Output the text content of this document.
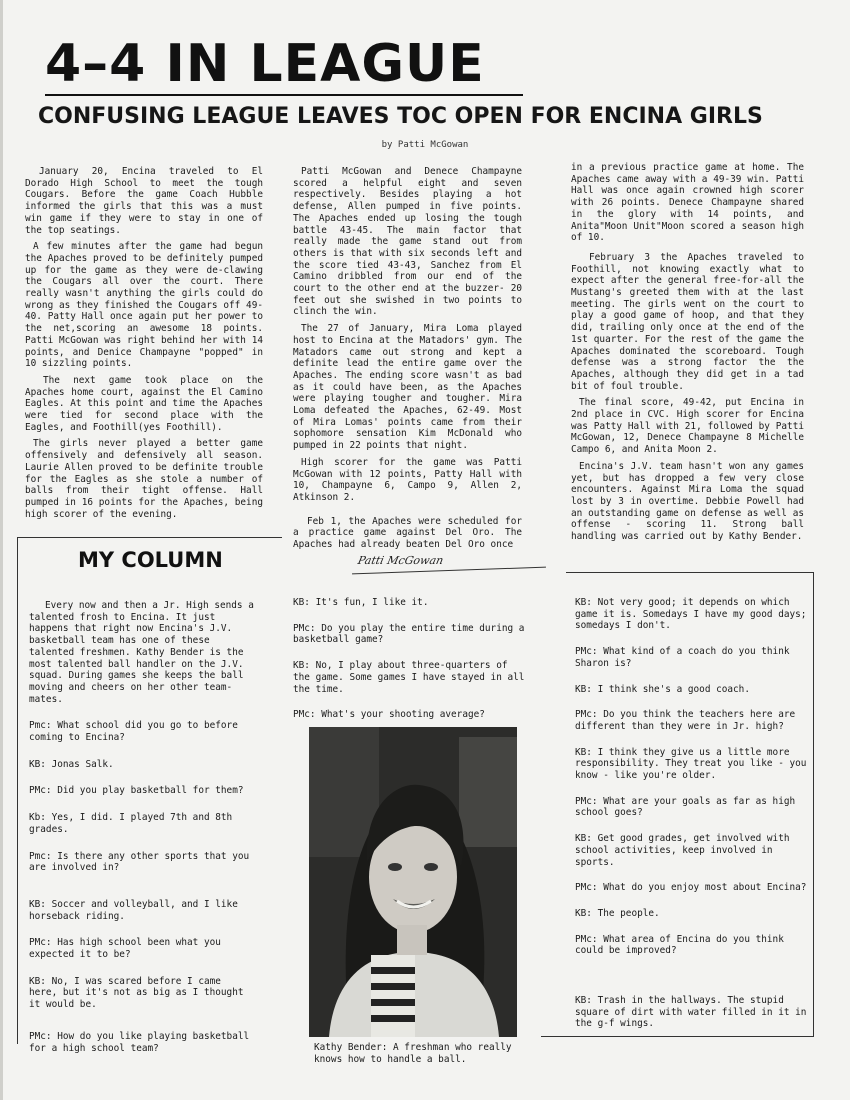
4–4 IN LEAGUE
CONFUSING LEAGUE LEAVES TOC OPEN FOR ENCINA GIRLS
by Patti McGowan

January 20, Encina traveled to El Dorado High School to meet the tough Cougars. Before the game Coach Hubble informed the girls that this was a must win game if they were to stay in one of the top seatings.

A few minutes after the game had begun the Apaches proved to be definitely pumped up for the game as they were de-clawing the Cougars all over the court. There really wasn't anything the girls could do wrong as they finished the Cougars off 49-40. Patty Hall once again put her power to the net,scoring an awesome 18 points. Patti McGowan was right behind her with 14 points, and Denice Champayne "popped" in 10 sizzling points.

The next game took place on the Apaches home court, against the El Camino Eagles. At this point and time the Apaches were tied for second place with the Eagles, and Foothill(yes Foothill).

The girls never played a better game offensively and defensively all season. Laurie Allen proved to be definite trouble for the Eagles as she stole a number of balls from their tight offense. Hall pumped in 16 points for the Apaches, being high scorer of the evening.

Patti McGowan and Denece Champayne scored a helpful eight and seven respectively. Besides playing a hot defense, Allen pumped in five points. The Apaches ended up losing the tough battle 43-45. The main factor that really made the game stand out from others is that with six seconds left and the score tied 43-43, Sanchez from El Camino dribbled from our end of the court to the other end at the buzzer- 20 feet out she swished in two points to clinch the win.

The 27 of January, Mira Loma played host to Encina at the Matadors' gym. The Matadors came out strong and kept a definite lead the entire game over the Apaches. The ending score wasn't as bad as it could have been, as the Apaches were playing tougher and tougher. Mira Loma defeated the Apaches, 62-49. Most of Mira Lomas' points came from their sophomore sensation Kim McDonald who pumped in 22 points that night.

High scorer for the game was Patti McGowan with 12 points, Patty Hall with 10, Champayne 6, Campo 9, Allen 2, Atkinson 2.

Feb 1, the Apaches were scheduled for a practice game against Del Oro. The Apaches had already beaten Del Oro once

in a previous practice game at home. The Apaches came away with a 49-39 win. Patti Hall was once again crowned high scorer with 26 points. Denece Champayne shared in the glory with 14 points, and Anita"Moon Unit"Moon scored a season high of 10.

February 3 the Apaches traveled to Foothill, not knowing exactly what to expect after the general free-for-all the Mustang's greeted them with at the last meeting. The girls went on the court to play a good game of hoop, and that they did, trailing only once at the end of the 1st quarter. For the rest of the game the Apaches dominated the scoreboard. Tough defense was a strong factor the the Apaches, although they did get in a tad bit of foul trouble.

The final score, 49-42, put Encina in 2nd place in CVC. High scorer for Encina was Patty Hall with 21, followed by Patti McGowan, 12, Denece Champayne 8 Michelle Campo 6, and Anita Moon 2.

Encina's J.V. team hasn't won any games yet, but has dropped a few very close encounters. Against Mira Loma the squad lost by 3 in overtime. Debbie Powell had an outstanding game on defense as well as offense - scoring 11. Strong ball handling was carried out by Kathy Bender.

MY COLUMN	Patti McGowan

Every now and then a Jr. High sends a talented frosh to Encina. It just happens that right now Encina's J.V. basketball team has one of these talented freshmen. Kathy Bender is the most talented ball handler on the J.V. squad. During games she keeps the ball moving and cheers on her other team-mates.

Pmc: What school did you go to before coming to Encina?

KB: Jonas Salk.

PMc: Did you play basketball for them?

Kb: Yes, I did. I played 7th and 8th grades.

Pmc: Is there any other sports that you are involved in?

KB: Soccer and volleyball, and I like horseback riding.

PMc: Has high school been what you expected it to be?

KB: No, I was scared before I came here, but it's not as big as I thought it would be.

PMc: How do you like playing basketball for a high school team?

KB: It's fun, I like it.

PMc: Do you play the entire time during a basketball game?

KB: No, I play about three-quarters of the game. Some games I have stayed in all the time.

PMc: What's your shooting average?

Kathy Bender: A freshman who really knows how to handle a ball.

KB: Not very good; it depends on which game it is. Somedays I have my good days; somedays I don't.

PMc: What kind of a coach do you think Sharon is?

KB: I think she's a good coach.

PMc: Do you think the teachers here are different than they were in Jr. high?

KB: I think they give us a little more responsibility. They treat you like - you know - like you're older.

PMc: What are your goals as far as high school goes?

KB: Get good grades, get involved with school activities, keep involved in sports.

PMc: What do you enjoy most about Encina?

KB: The people.

PMc: What area of Encina do you think could be improved?

KB: Trash in the hallways. The stupid square of dirt with water filled in it in the g-f wings.
